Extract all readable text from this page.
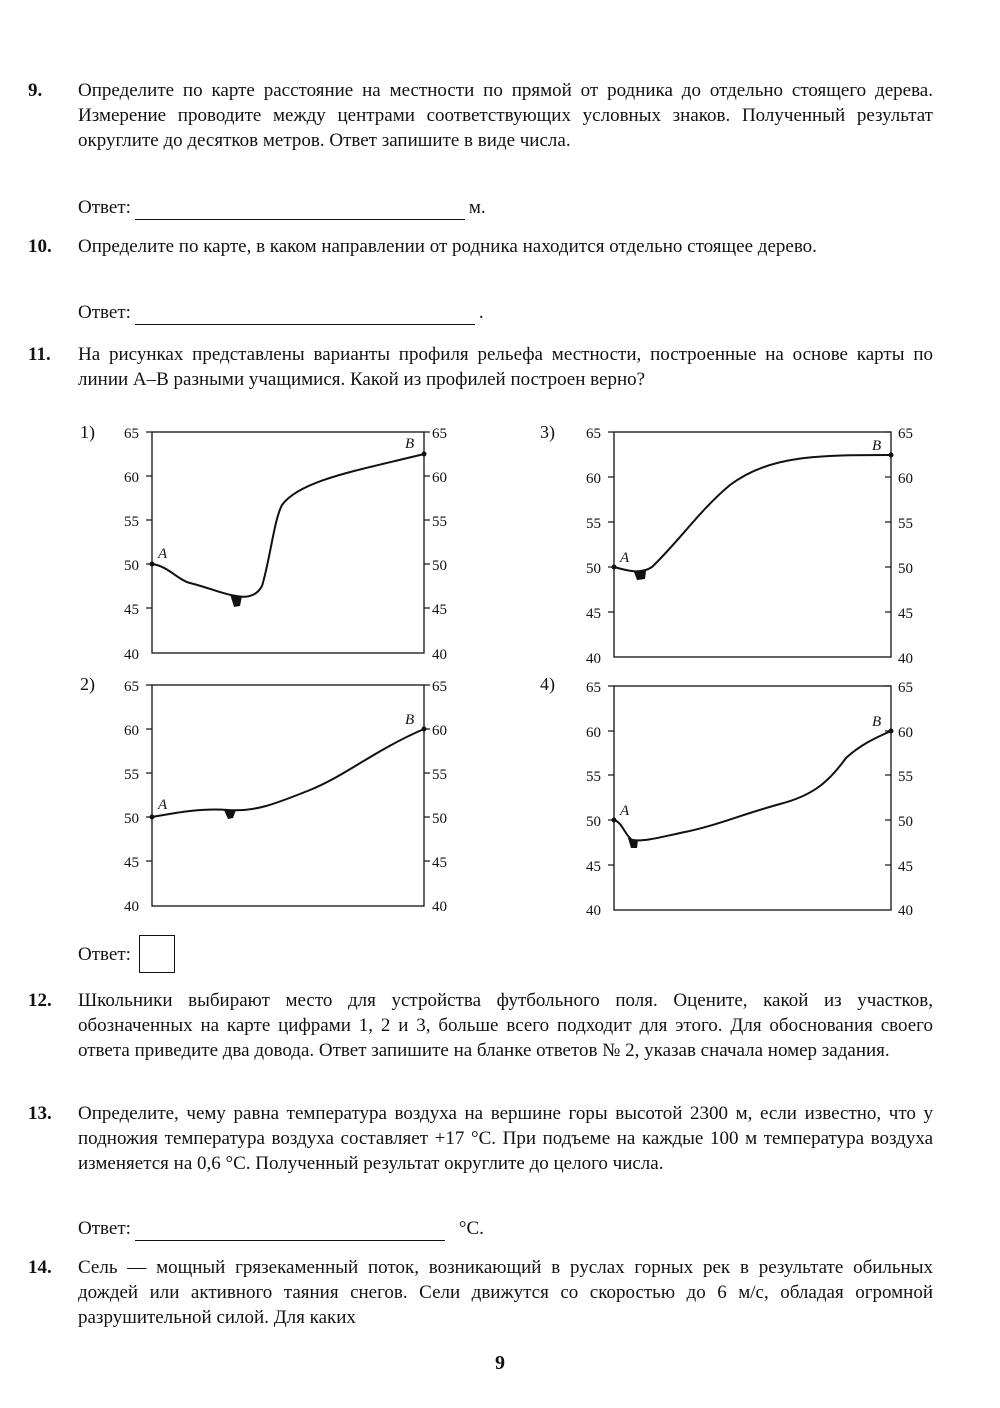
9. Определите по карте расстояние на местности по прямой от родника до отдельно стоящего дерева. Измерение проводите между центрами соответствующих условных знаков. Полученный результат округлите до десятков метров. Ответ запишите в виде числа.
Ответ:	м.
10. Определите по карте, в каком направлении от родника находится отдельно стоящее дерево.
Ответ:	.
11. На рисунках представлены варианты профиля рельефа местности, построенные на основе карты по линии А–В разными учащимися. Какой из профилей построен верно?
1) 65
60
55
50
45
40
65
60
55
50
45
40
A
B
3) 65
60
55
50
45
40
65
60
55
50
45
40
A
B
2) 65
60
55
50
45
40
65
60
55
50
45
40
A
B
4) 65
60
55
50
45
40
60
65
55
50
45
40
A
B
Ответ:
12. Школьники выбирают место для устройства футбольного поля. Оцените, какой из участков, обозначенных на карте цифрами 1, 2 и 3, больше всего подходит для этого. Для обоснования своего ответа приведите два довода. Ответ запишите на бланке ответов № 2, указав сначала номер задания.
13. Определите, чему равна температура воздуха на вершине горы высотой 2300 м, если известно, что у подножия температура воздуха составляет +17 °С. При подъеме на каждые 100 м температура воздуха изменяется на 0,6 °С. Полученный результат округлите до целого числа.
Ответ:	°С.
14. Сель — мощный грязекаменный поток, возникающий в руслах горных рек в результате обильных дождей или активного таяния снегов. Сели движутся со скоростью до 6 м/с, обладая огромной разрушительной силой. Для каких
9
